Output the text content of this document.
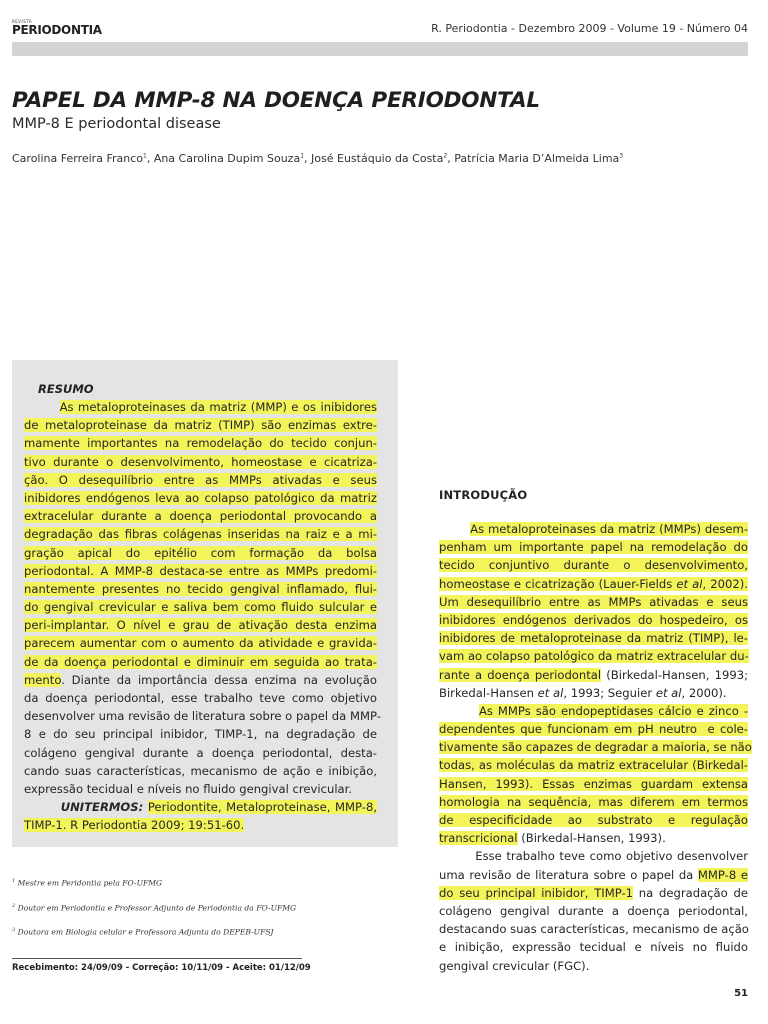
REVISTA
PERIODONTIA	R. Periodontia - Dezembro 2009 - Volume 19 - Número 04
PAPEL DA MMP-8 NA DOENÇA PERIODONTAL
MMP-8 E periodontal disease
Carolina Ferreira Franco$^1$, Ana Carolina Dupim Souza$^1$, José Eustáquio da Costa$^2$, Patrícia Maria D’Almeida Lima$^3$
RESUMO
As metaloproteinases da matriz (MMP) e os inibidores
de metaloproteinase da matriz (TIMP) são enzimas extre-
mamente importantes na remodelação do tecido conjun-
tivo durante o desenvolvimento, homeostase e cicatriza-
ção. O desequilíbrio entre as MMPs ativadas e seus
inibidores endógenos leva ao colapso patológico da matriz
extracelular durante a doença periodontal provocando a
degradação das fibras colágenas inseridas na raiz e a mi-
gração apical do epitélio com formação da bolsa
periodontal. A MMP-8 destaca-se entre as MMPs predomi-
nantemente presentes no tecido gengival inflamado, flui-
do gengival crevicular e saliva bem como fluido sulcular e
peri-implantar. O nível e grau de ativação desta enzima
parecem aumentar com o aumento da atividade e gravida-
de da doença periodontal e diminuir em seguida ao trata-
mento. Diante da importância dessa enzima na evolução
da doença periodontal, esse trabalho teve como objetivo
desenvolver uma revisão de literatura sobre o papel da MMP-
8 e do seu principal inibidor, TIMP-1, na degradação de
colágeno gengival durante a doença periodontal, desta-
cando suas características, mecanismo de ação e inibição,
expressão tecidual e níveis no fluido gengival crevicular.
UNITERMOS: Periodontite, Metaloproteinase, MMP-8,
TIMP-1. R Periodontia 2009; 19:51-60.
$^1$ Mestre em Peridontia pela FO-UFMG
$^2$ Doutor em Periodontia e Professor Adjunto de Periodontia da FO-UFMG
$^3$ Doutora em Biologia celular e Professora Adjunta do DEPEB-UFSJ
Recebimento: 24/09/09 - Correção: 10/11/09 - Aceite: 01/12/09
INTRODUÇÃO
As metaloproteinases da matriz (MMPs) desem-
penham um importante papel na remodelação do
tecido conjuntivo durante o desenvolvimento,
homeostase e cicatrização (Lauer-Fields et al, 2002).
Um desequilíbrio entre as MMPs ativadas e seus
inibidores endógenos derivados do hospedeiro, os
inibidores de metaloproteinase da matriz (TIMP), le-
vam ao colapso patológico da matriz extracelular du-
rante a doença periodontal (Birkedal-Hansen, 1993;
Birkedal-Hansen et al, 1993; Seguier et al, 2000).
As MMPs são endopeptidases cálcio e zinco -
dependentes que funcionam em pH neutro  e cole-
tivamente são capazes de degradar a maioria, se não
todas, as moléculas da matriz extracelular (Birkedal-
Hansen, 1993). Essas enzimas guardam extensa
homologia na sequência, mas diferem em termos
de especificidade ao substrato e regulação
transcricional (Birkedal-Hansen, 1993).
Esse trabalho teve como objetivo desenvolver
uma revisão de literatura sobre o papel da MMP-8 e
do seu principal inibidor, TIMP-1 na degradação de
colágeno gengival durante a doença periodontal,
destacando suas características, mecanismo de ação
e inibição, expressão tecidual e níveis no fluido
gengival crevicular (FGC).
51
